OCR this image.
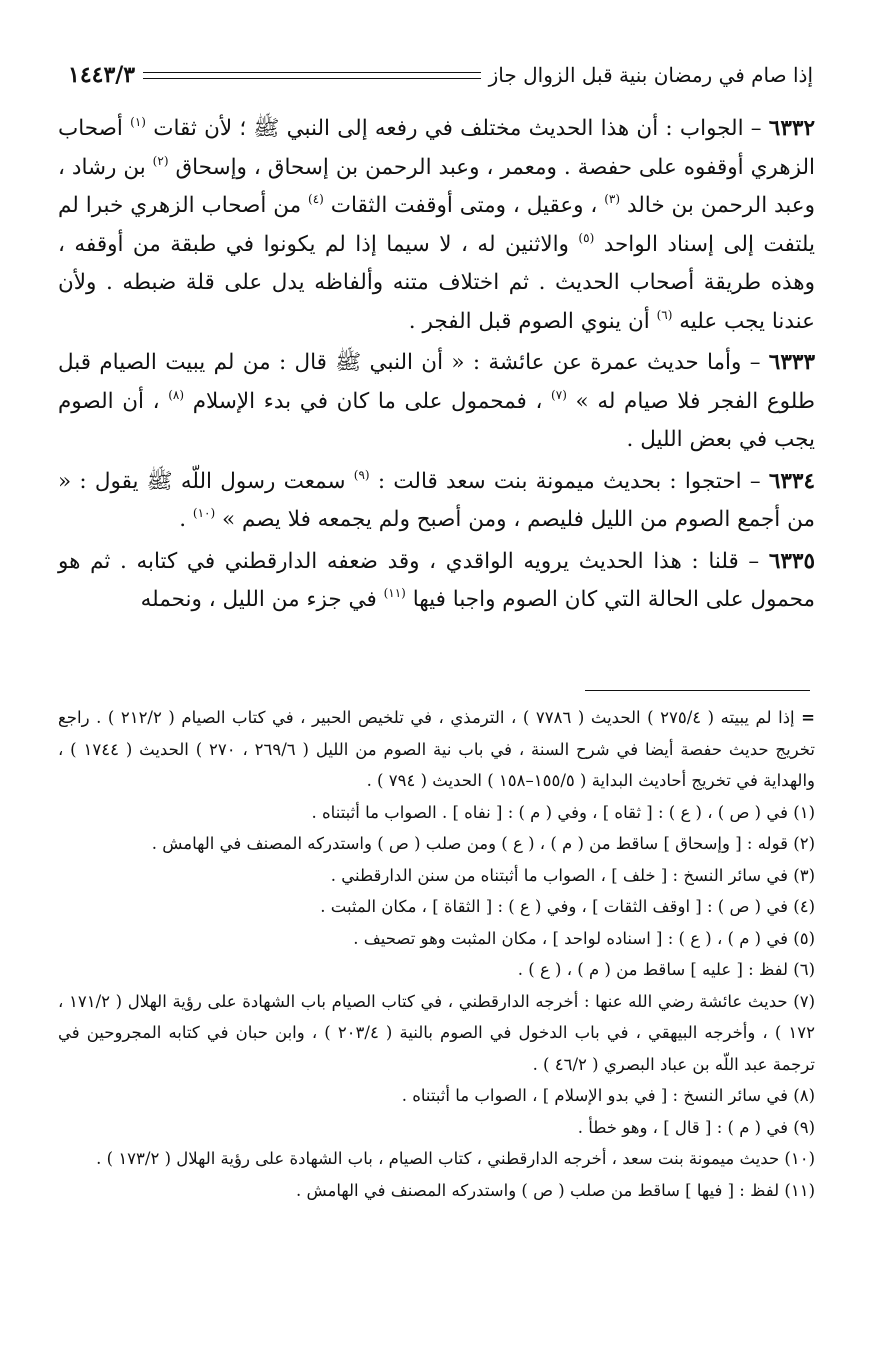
إذا صام في رمضان بنية قبل الزوال جاز
١٤٤٣/٣

٦٣٣٢ – الجواب : أن هذا الحديث مختلف في رفعه إلى النبي ﷺ ؛ لأن ثقات $^{(١)}$ أصحاب الزهري أوقفوه على حفصة . ومعمر ، وعبد الرحمن بن إسحاق ، وإسحاق $^{(٢)}$ بن رشاد ، وعبد الرحمن بن خالد $^{(٣)}$ ، وعقيل ، ومتى أوقفت الثقات $^{(٤)}$ من أصحاب الزهري خبرا لم يلتفت إلى إسناد الواحد $^{(٥)}$ والاثنين له ، لا سيما إذا لم يكونوا في طبقة من أوقفه ، وهذه طريقة أصحاب الحديث . ثم اختلاف متنه وألفاظه يدل على قلة ضبطه . ولأن عندنا يجب عليه $^{(٦)}$ أن ينوي الصوم قبل الفجر .

٦٣٣٣ – وأما حديث عمرة عن عائشة : « أن النبي ﷺ قال : من لم يبيت الصيام قبل طلوع الفجر فلا صيام له » $^{(٧)}$ ، فمحمول على ما كان في بدء الإسلام $^{(٨)}$ ، أن الصوم يجب في بعض الليل .

٦٣٣٤ – احتجوا : بحديث ميمونة بنت سعد قالت : $^{(٩)}$ سمعت رسول اللّه ﷺ يقول : « من أجمع الصوم من الليل فليصم ، ومن أصبح ولم يجمعه فلا يصم » $^{(١٠)}$ .

٦٣٣٥ – قلنا : هذا الحديث يرويه الواقدي ، وقد ضعفه الدارقطني في كتابه . ثم هو محمول على الحالة التي كان الصوم واجبا فيها $^{(١١)}$ في جزء من الليل ، ونحمله

= إذا لم يبيته ( ٢٧٥/٤ ) الحديث ( ٧٧٨٦ ) ، الترمذي ، في تلخيص الحبير ، في كتاب الصيام ( ٢١٢/٢ ) . راجع تخريج حديث حفصة أيضا في شرح السنة ، في باب نية الصوم من الليل ( ٢٦٩/٦ ، ٢٧٠ ) الحديث ( ١٧٤٤ ) ، والهداية في تخريج أحاديث البداية ( ١٥٥/٥–١٥٨ ) الحديث ( ٧٩٤ ) .

(١) في ( ص ) ، ( ع ) : [ ثقاه ] ، وفي ( م ) : [ نفاه ] . الصواب ما أثبتناه .

(٢) قوله : [ وإسحاق ] ساقط من ( م ) ، ( ع ) ومن صلب ( ص ) واستدركه المصنف في الهامش .

(٣) في سائر النسخ : [ خلف ] ، الصواب ما أثبتناه من سنن الدارقطني .

(٤) في ( ص ) : [ اوقف الثقات ] ، وفي ( ع ) : [ الثقاة ] ، مكان المثبت .

(٥) في ( م ) ، ( ع ) : [ اسناده لواحد ] ، مكان المثبت وهو تصحيف .

(٦) لفظ : [ عليه ] ساقط من ( م ) ، ( ع ) .

(٧) حديث عائشة رضي الله عنها : أخرجه الدارقطني ، في كتاب الصيام باب الشهادة على رؤية الهلال ( ١٧١/٢ ، ١٧٢ ) ، وأخرجه البيهقي ، في باب الدخول في الصوم بالنية ( ٢٠٣/٤ ) ، وابن حبان في كتابه المجروحين في ترجمة عبد اللّه بن عباد البصري ( ٤٦/٢ ) .

(٨) في سائر النسخ : [ في بدو الإسلام ] ، الصواب ما أثبتناه .

(٩) في ( م ) : [ قال ] ، وهو خطأ .

(١٠) حديث ميمونة بنت سعد ، أخرجه الدارقطني ، كتاب الصيام ، باب الشهادة على رؤية الهلال ( ١٧٣/٢ ) .

(١١) لفظ : [ فيها ] ساقط من صلب ( ص ) واستدركه المصنف في الهامش .
